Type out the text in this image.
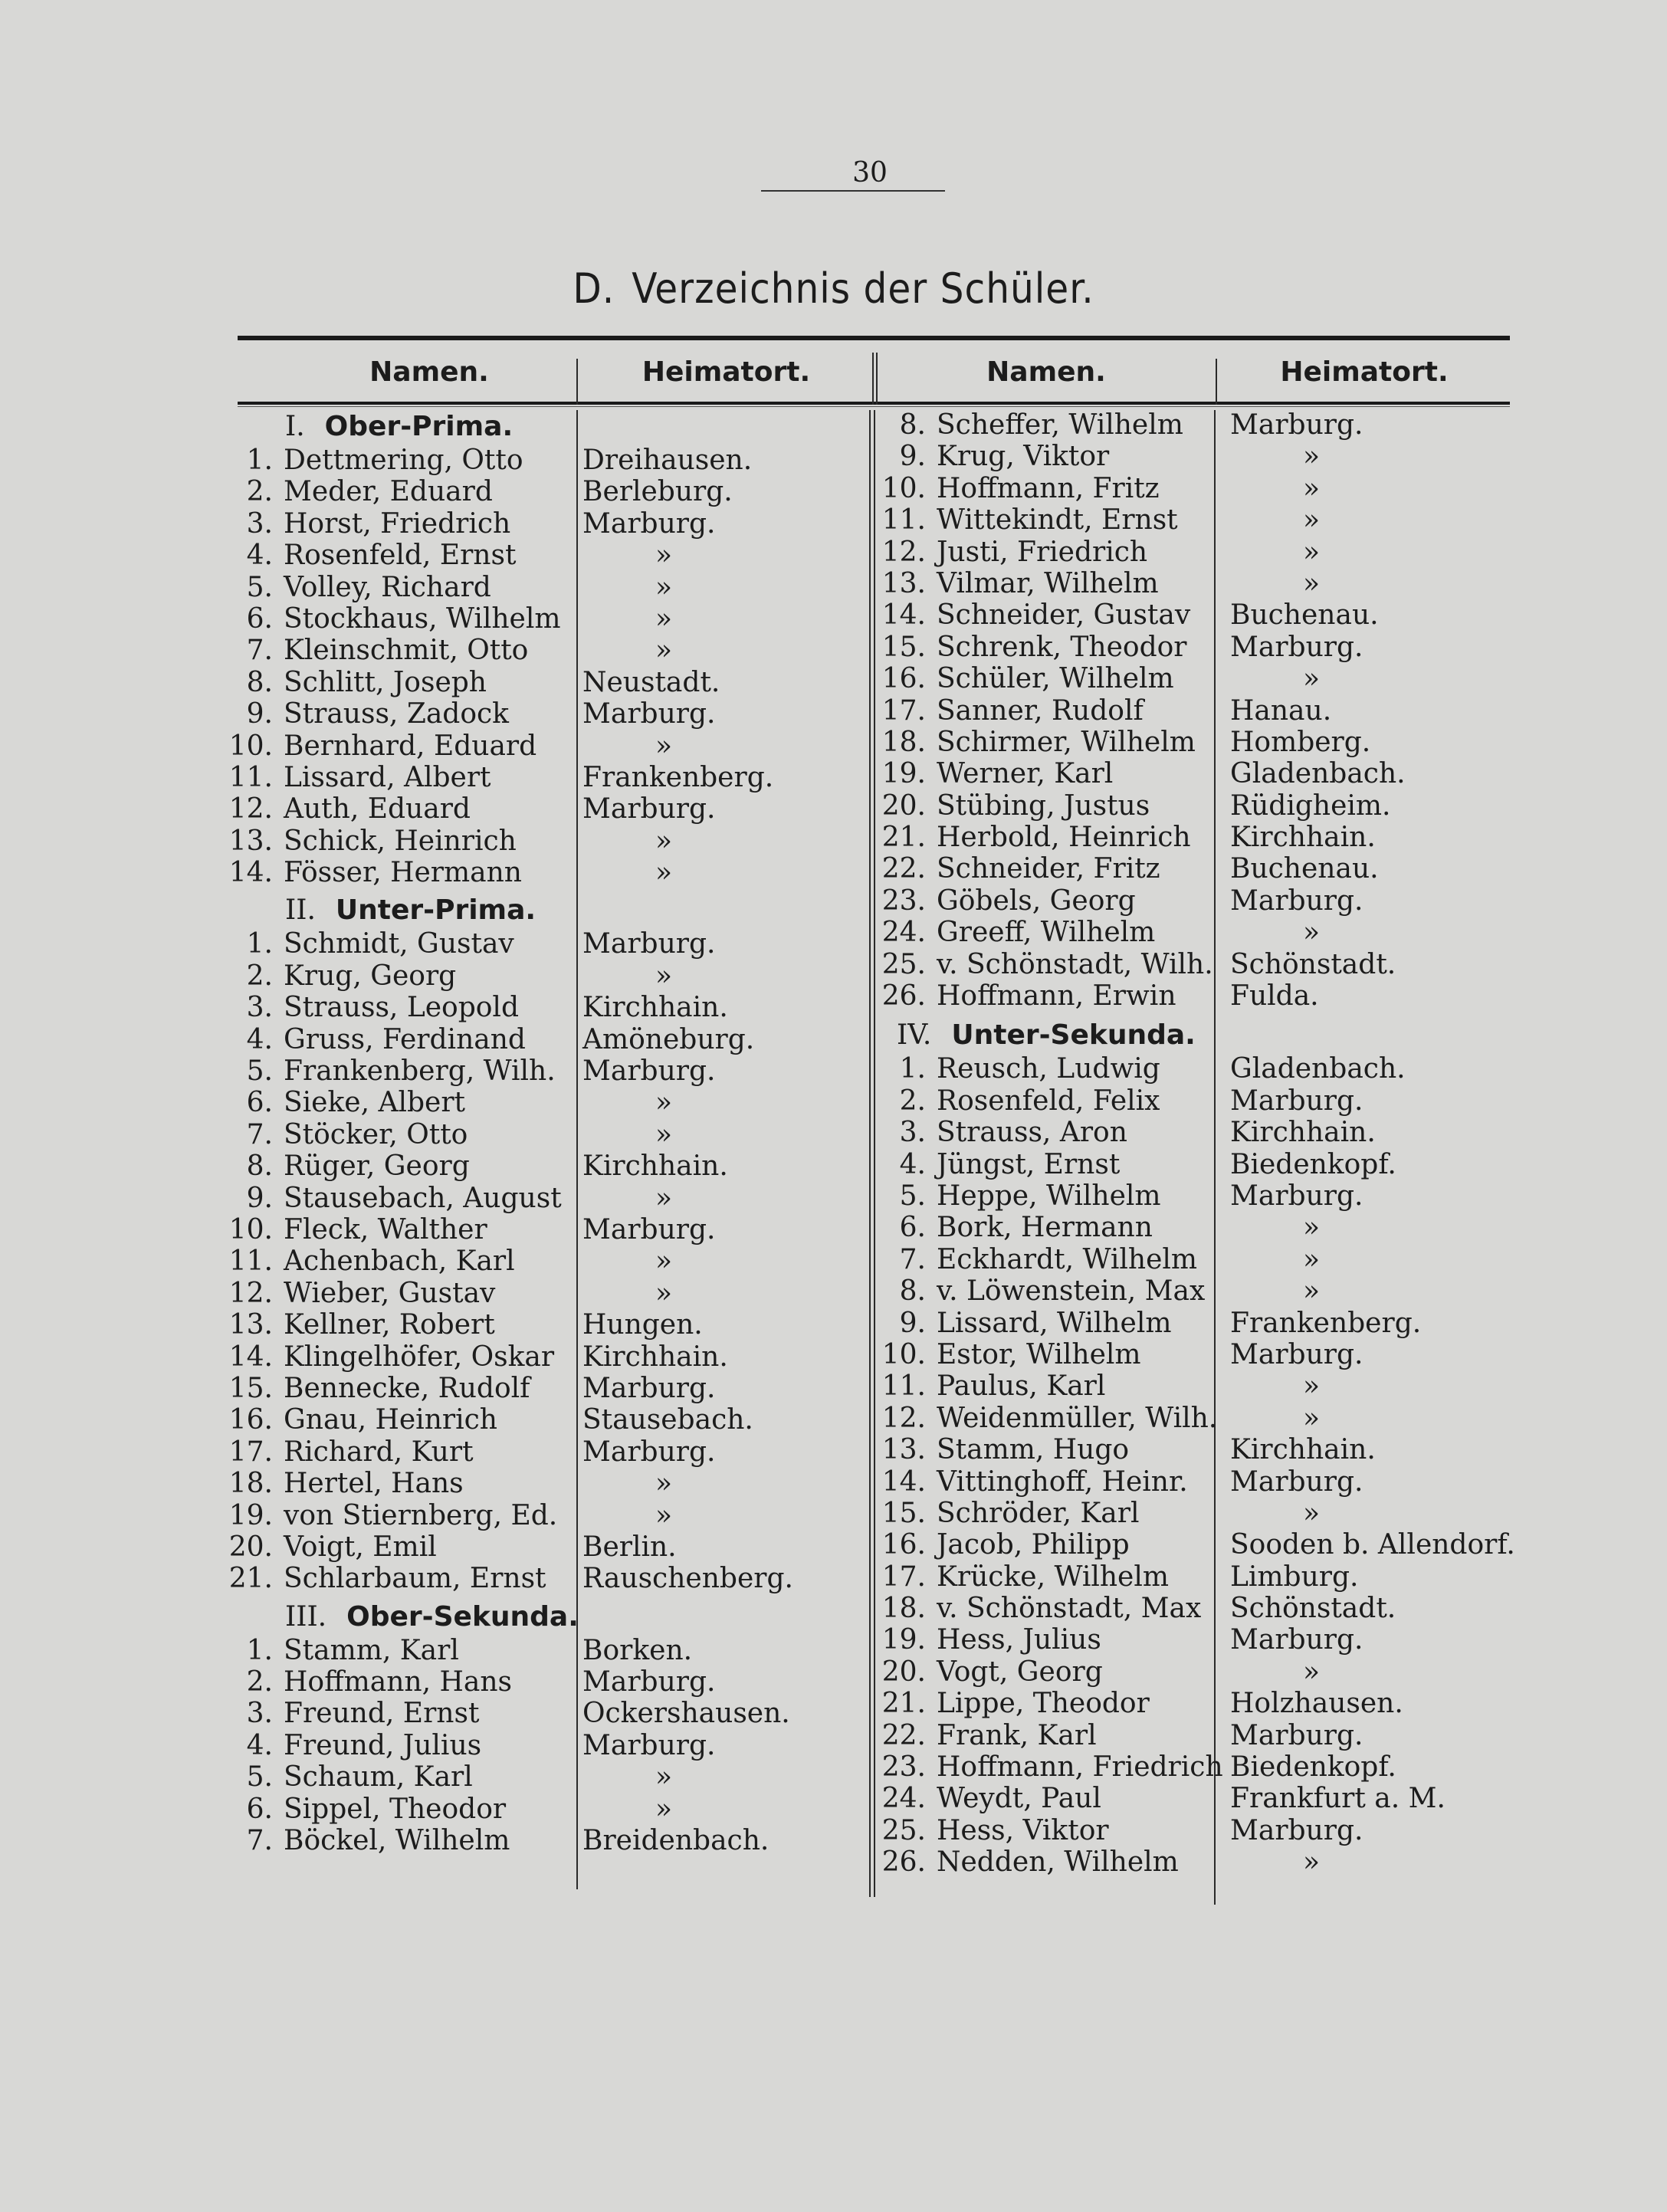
30
D. Verzeichnis der Schüler.
Namen.	Heimatort.	Namen.	Heimatort.
I. Ober-Prima.
1. Dettmering, Otto Dreihausen.
2. Meder, Eduard	Berleburg.
3. Horst, Friedrich	Marburg.
4. Rosenfeld, Ernst	»
5. Volley, Richard	»
6. Stockhaus, Wilhelm	»
7. Kleinschmit, Otto	»
8. Schlitt, Joseph	Neustadt.
9. Strauss, Zadock	Marburg.
10. Bernhard, Eduard	»
11. Lissard, Albert	Frankenberg.
12. Auth, Eduard	Marburg.
13. Schick, Heinrich	»
14. Fösser, Hermann	»
II. Unter-Prima.
1. Schmidt, Gustav Marburg.
2. Krug, Georg	»
3. Strauss, Leopold Kirchhain.
4. Gruss, Ferdinand Amöneburg.
5. Frankenberg, Wilh. Marburg.
6. Sieke, Albert	»
7. Stöcker, Otto	»
8. Rüger, Georg	Kirchhain.
9. Stausebach, August	»
10. Fleck, Walther	Marburg.
11. Achenbach, Karl	»
12. Wieber, Gustav	»
13. Kellner, Robert	Hungen.
14. Klingelhöfer, Oskar Kirchhain.
15. Bennecke, Rudolf Marburg.
16. Gnau, Heinrich	Stausebach.
17. Richard, Kurt	Marburg.
18. Hertel, Hans	»
19. von Stiernberg, Ed.	»
20. Voigt, Emil	Berlin.
21. Schlarbaum, Ernst Rauschenberg.
III. Ober-Sekunda.
1. Stamm, Karl	Borken.
2. Hoffmann, Hans	Marburg.
3. Freund, Ernst	Ockershausen.
4. Freund, Julius	Marburg.
5. Schaum, Karl	»
6. Sippel, Theodor	»
7. Böckel, Wilhelm	Breidenbach.
8. Scheffer, Wilhelm Marburg.
9. Krug, Viktor	»
10. Hoffmann, Fritz	»
11. Wittekindt, Ernst	»
12. Justi, Friedrich	»
13. Vilmar, Wilhelm	»
14. Schneider, Gustav Buchenau.
15. Schrenk, Theodor Marburg.
16. Schüler, Wilhelm	»
17. Sanner, Rudolf	Hanau.
18. Schirmer, Wilhelm Homberg.
19. Werner, Karl	Gladenbach.
20. Stübing, Justus	Rüdigheim.
21. Herbold, Heinrich Kirchhain.
22. Schneider, Fritz	Buchenau.
23. Göbels, Georg	Marburg.
24. Greeff, Wilhelm	»
25. v. Schönstadt, Wilh. Schönstadt.
26. Hoffmann, Erwin Fulda.
IV. Unter-Sekunda.
1. Reusch, Ludwig	Gladenbach.
2. Rosenfeld, Felix	Marburg.
3. Strauss, Aron	Kirchhain.
4. Jüngst, Ernst	Biedenkopf.
5. Heppe, Wilhelm	Marburg.
6. Bork, Hermann	»
7. Eckhardt, Wilhelm	»
8. v. Löwenstein, Max	»
9. Lissard, Wilhelm Frankenberg.
10. Estor, Wilhelm	Marburg.
11. Paulus, Karl	»
12. Weidenmüller, Wilh.	»
13. Stamm, Hugo	Kirchhain.
14. Vittinghoff, Heinr. Marburg.
15. Schröder, Karl	»
16. Jacob, Philipp	Sooden b. Allendorf.
17. Krücke, Wilhelm Limburg.
18. v. Schönstadt, Max Schönstadt.
19. Hess, Julius	Marburg.
20. Vogt, Georg	»
21. Lippe, Theodor	Holzhausen.
22. Frank, Karl	Marburg.
23. Hoffmann, Friedrich Biedenkopf.
24. Weydt, Paul	Frankfurt a. M.
25. Hess, Viktor	Marburg.
26. Nedden, Wilhelm	»
